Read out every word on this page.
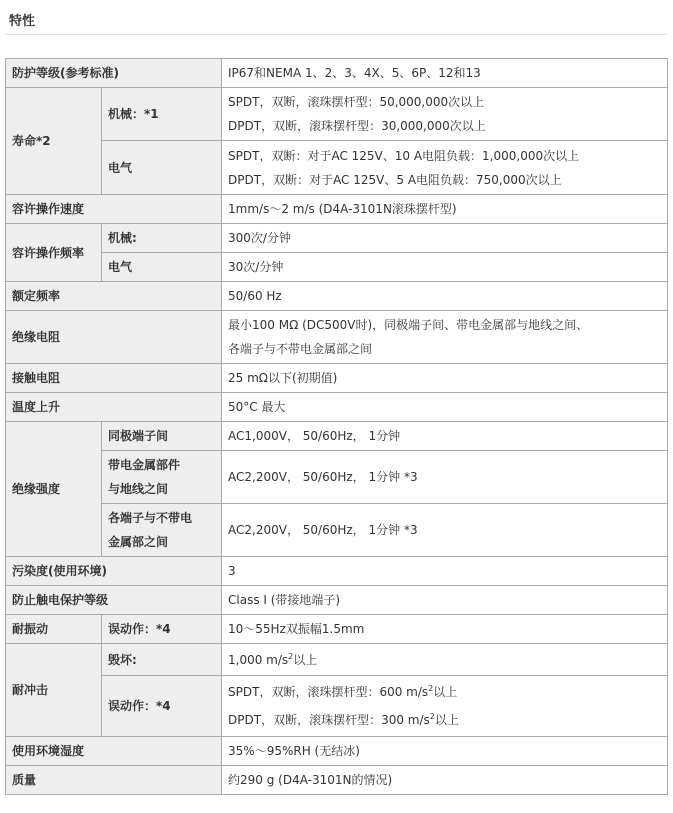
特性
防护等级(参考标准)		IP67和NEMA 1、2、3、4X、5、6P、12和13
寿命*2	机械：*1	SPDT，双断，滚珠摆杆型：50,000,000次以上
DPDT，双断，滚珠摆杆型：30,000,000次以上

	电气	SPDT，双断：对于AC 125V、10 A电阻负载：1,000,000次以上
DPDT，双断：对于AC 125V、5 A电阻负载：750,000次以上

容许操作速度		1mm/s～2 m/s (D4A-3101N滚珠摆杆型)
容许操作频率	机械:	300次/分钟
	电气	30次/分钟
额定频率		50/60 Hz
绝缘电阻		最小100 MΩ (DC500V时)，同极端子间、带电金属部与地线之间、
各端子与不带电金属部之间

接触电阻		25 mΩ以下(初期值)
温度上升		50°C 最大
绝缘强度	同极端子间	AC1,000V， 50/60Hz， 1分钟

	带电金属部件
与地线之间	AC2,200V， 50/60Hz， 1分钟 *3

	各端子与不带电
金属部之间	AC2,200V， 50/60Hz， 1分钟 *3
污染度(使用环境)		3
防止触电保护等级		Class I (带接地端子)
耐振动	误动作：*4	10～55Hz双振幅1.5mm
耐冲击	毁坏:	1,000 $m/s^2$以上
	误动作：*4	SPDT，双断，滚珠摆杆型：600 $m/s^2$以上
DPDT，双断，滚珠摆杆型：300 $m/s^2$以上

使用环境湿度		35%～95%RH (无结冰)
质量		约290 g (D4A-3101N的情况)
